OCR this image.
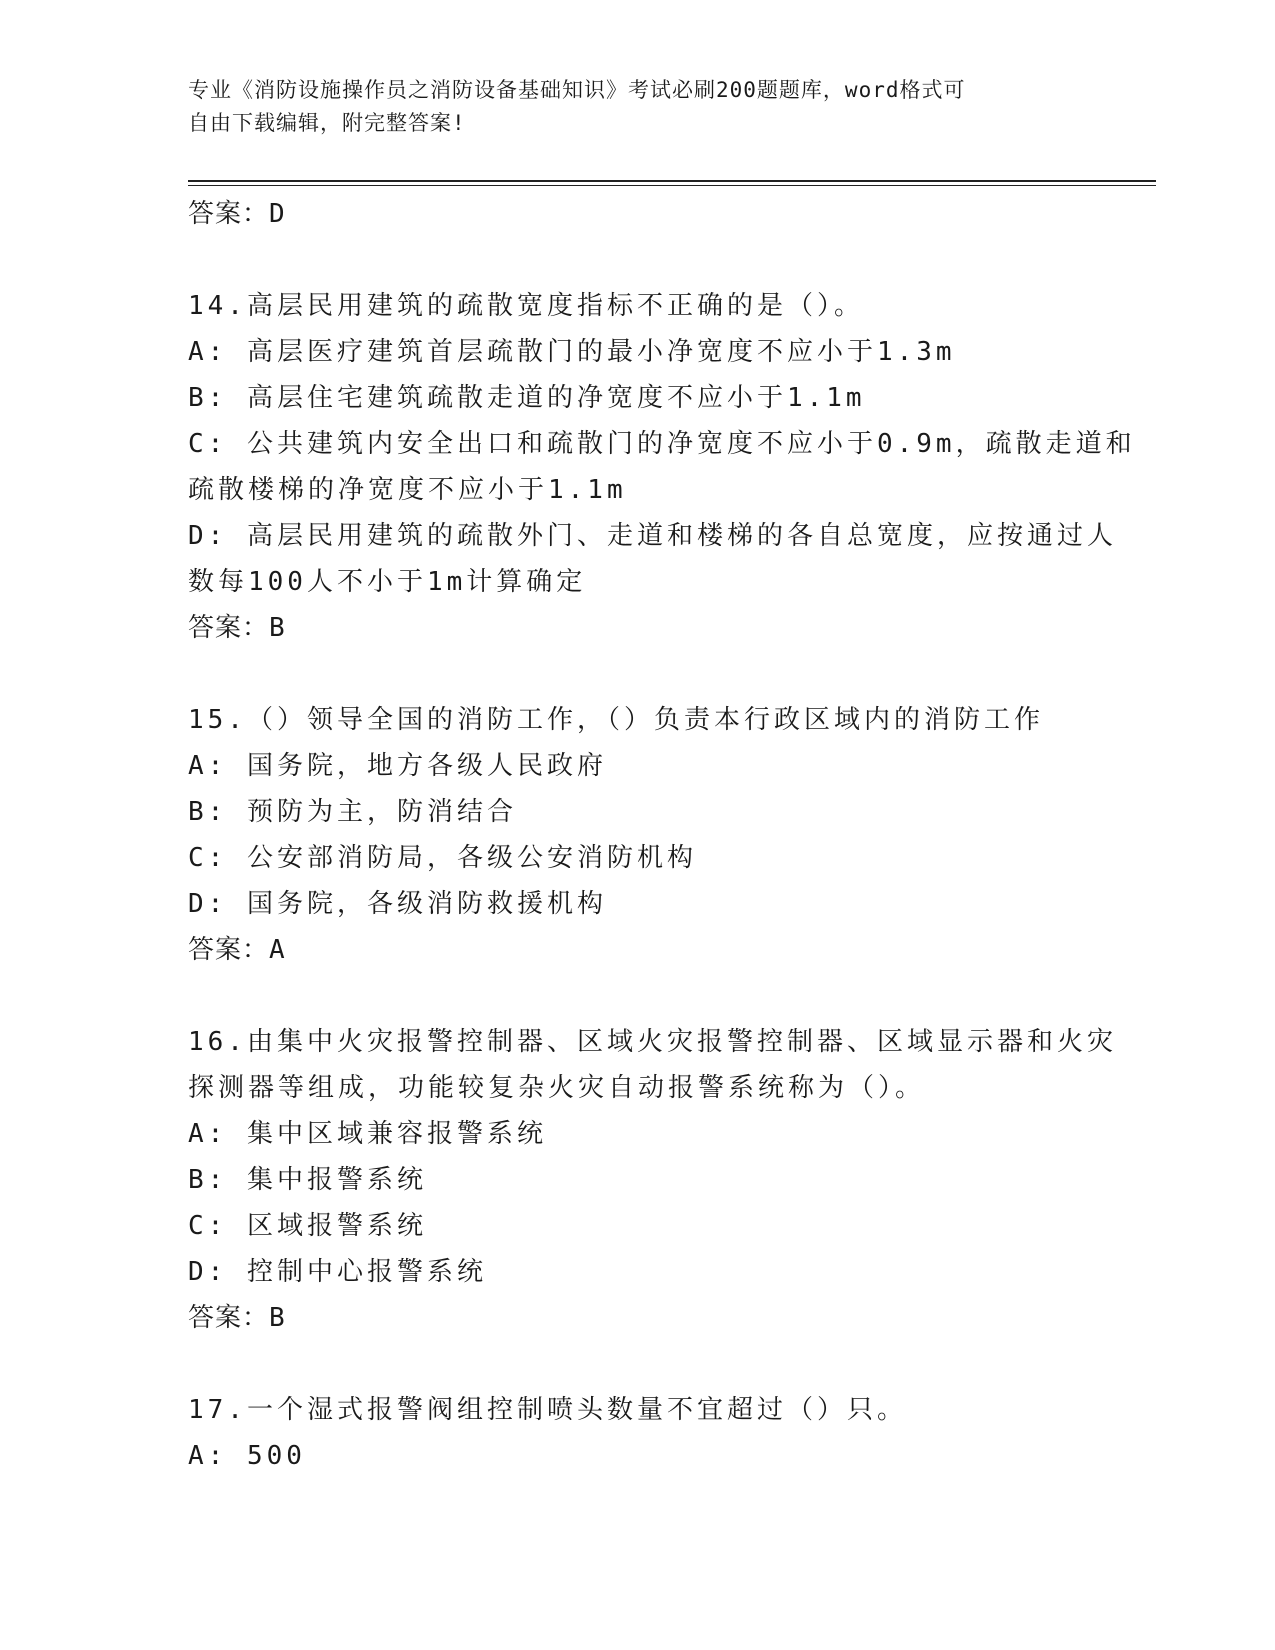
专业《消防设施操作员之消防设备基础知识》考试必刷200题题库，word格式可
自由下载编辑，附完整答案!
答案：D
14.高层民用建筑的疏散宽度指标不正确的是（）。
A: 高层医疗建筑首层疏散门的最小净宽度不应小于1.3m
B: 高层住宅建筑疏散走道的净宽度不应小于1.1m
C: 公共建筑内安全出口和疏散门的净宽度不应小于0.9m，疏散走道和
疏散楼梯的净宽度不应小于1.1m
D: 高层民用建筑的疏散外门、走道和楼梯的各自总宽度，应按通过人
数每100人不小于1m计算确定
答案：B
15.（）领导全国的消防工作，（）负责本行政区域内的消防工作
A: 国务院，地方各级人民政府
B: 预防为主，防消结合
C: 公安部消防局，各级公安消防机构
D: 国务院，各级消防救援机构
答案：A
16.由集中火灾报警控制器、区域火灾报警控制器、区域显示器和火灾
探测器等组成，功能较复杂火灾自动报警系统称为（）。
A: 集中区域兼容报警系统
B: 集中报警系统
C: 区域报警系统
D: 控制中心报警系统
答案：B
17.一个湿式报警阀组控制喷头数量不宜超过（）只。
A: 500
